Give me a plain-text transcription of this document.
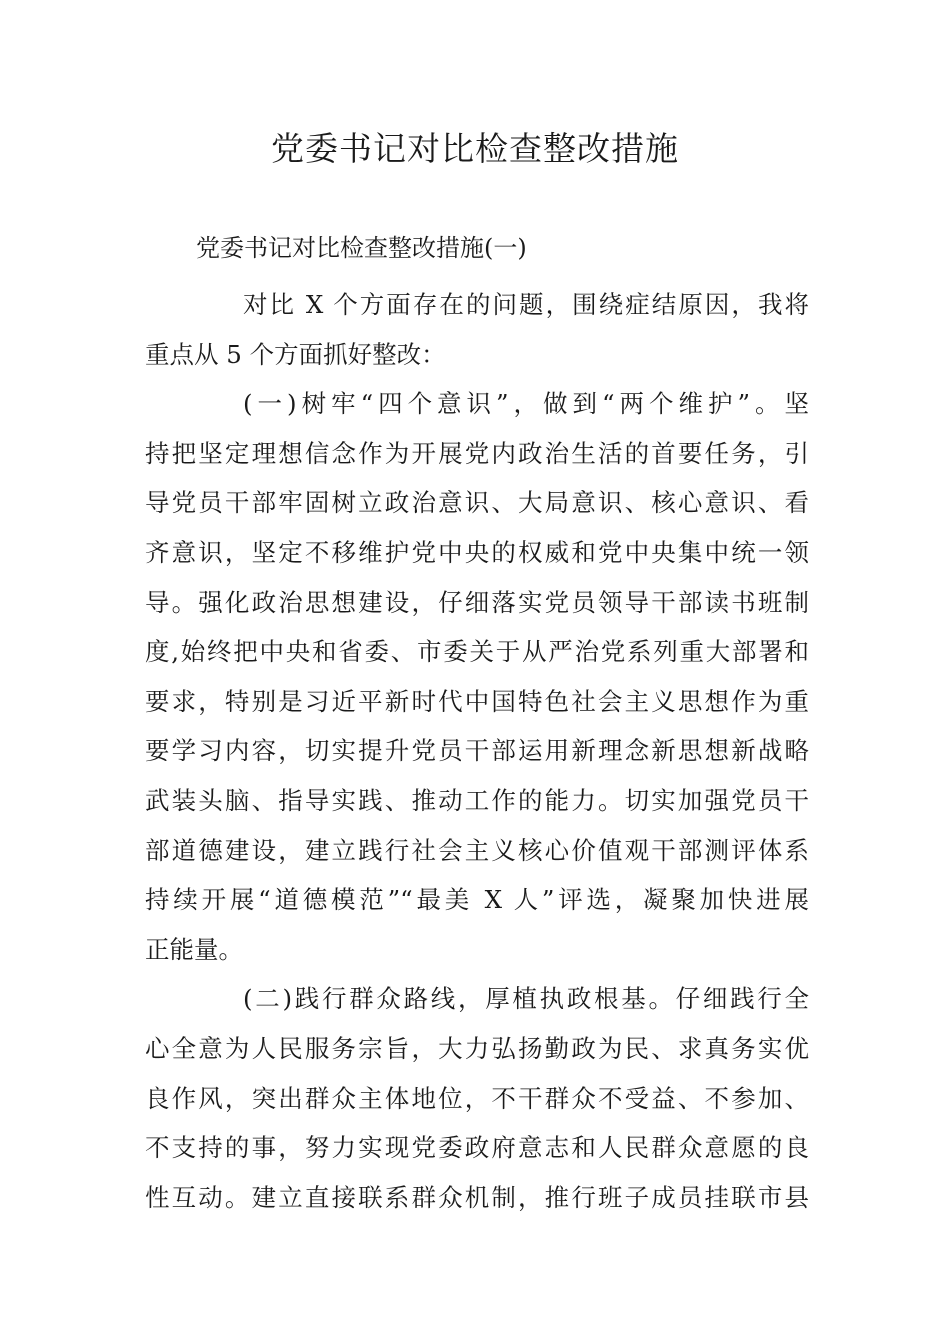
党委书记对比检查整改措施
党委书记对比检查整改措施(一)
对比 X 个方面存在的问题，围绕症结原因，我将
重点从 5 个方面抓好整改：
(一)树牢“四个意识”，做到“两个维护”。坚
持把坚定理想信念作为开展党内政治生活的首要任务，引
导党员干部牢固树立政治意识、大局意识、核心意识、看
齐意识，坚定不移维护党中央的权威和党中央集中统一领
导。强化政治思想建设，仔细落实党员领导干部读书班制
度,始终把中央和省委、市委关于从严治党系列重大部署和
要求，特别是习近平新时代中国特色社会主义思想作为重
要学习内容，切实提升党员干部运用新理念新思想新战略
武装头脑、指导实践、推动工作的能力。切实加强党员干
部道德建设，建立践行社会主义核心价值观干部测评体系
持续开展“道德模范”“最美 X 人”评选，凝聚加快进展
正能量。
(二)践行群众路线，厚植执政根基。仔细践行全
心全意为人民服务宗旨，大力弘扬勤政为民、求真务实优
良作风，突出群众主体地位，不干群众不受益、不参加、
不支持的事，努力实现党委政府意志和人民群众意愿的良
性互动。建立直接联系群众机制，推行班子成员挂联市县
